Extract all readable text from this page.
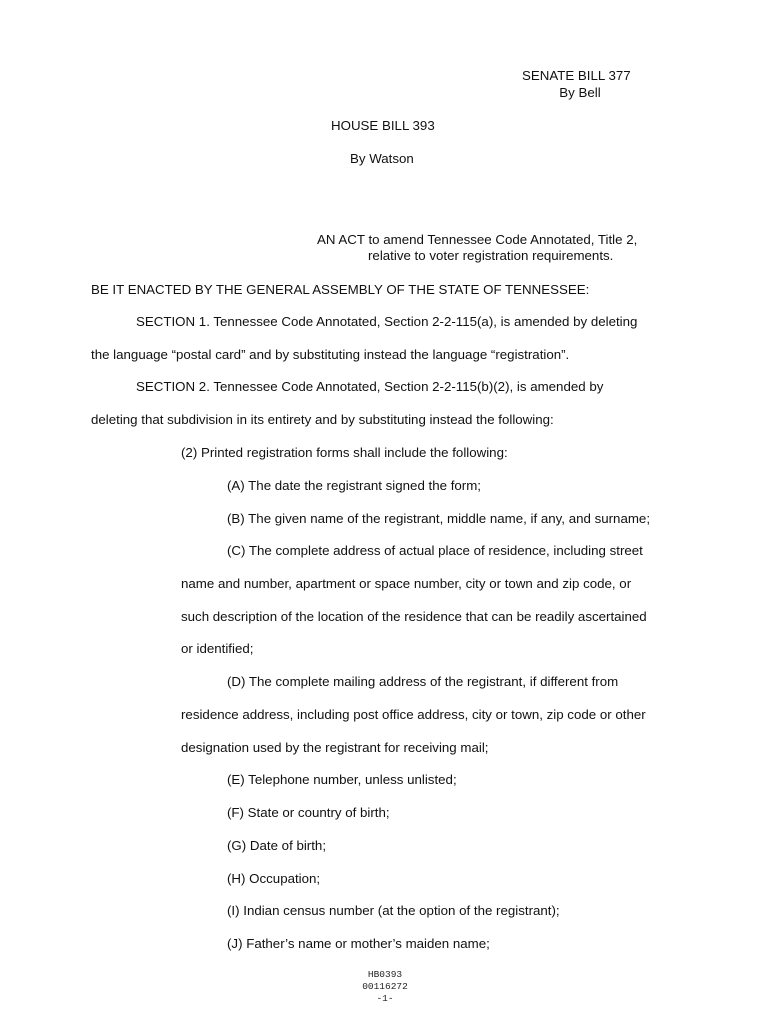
SENATE BILL 377
By Bell
HOUSE BILL 393
By Watson
AN ACT to amend Tennessee Code Annotated, Title 2,
relative to voter registration requirements.
BE IT ENACTED BY THE GENERAL ASSEMBLY OF THE STATE OF TENNESSEE:
SECTION 1. Tennessee Code Annotated, Section 2-2-115(a), is amended by deleting
the language “postal card” and by substituting instead the language “registration”.
SECTION 2. Tennessee Code Annotated, Section 2-2-115(b)(2), is amended by
deleting that subdivision in its entirety and by substituting instead the following:
(2) Printed registration forms shall include the following:
(A) The date the registrant signed the form;
(B) The given name of the registrant, middle name, if any, and surname;
(C) The complete address of actual place of residence, including street
name and number, apartment or space number, city or town and zip code, or
such description of the location of the residence that can be readily ascertained
or identified;
(D) The complete mailing address of the registrant, if different from
residence address, including post office address, city or town, zip code or other
designation used by the registrant for receiving mail;
(E) Telephone number, unless unlisted;
(F) State or country of birth;
(G) Date of birth;
(H) Occupation;
(I) Indian census number (at the option of the registrant);
(J) Father’s name or mother’s maiden name;
HB0393
00116272
-1-
